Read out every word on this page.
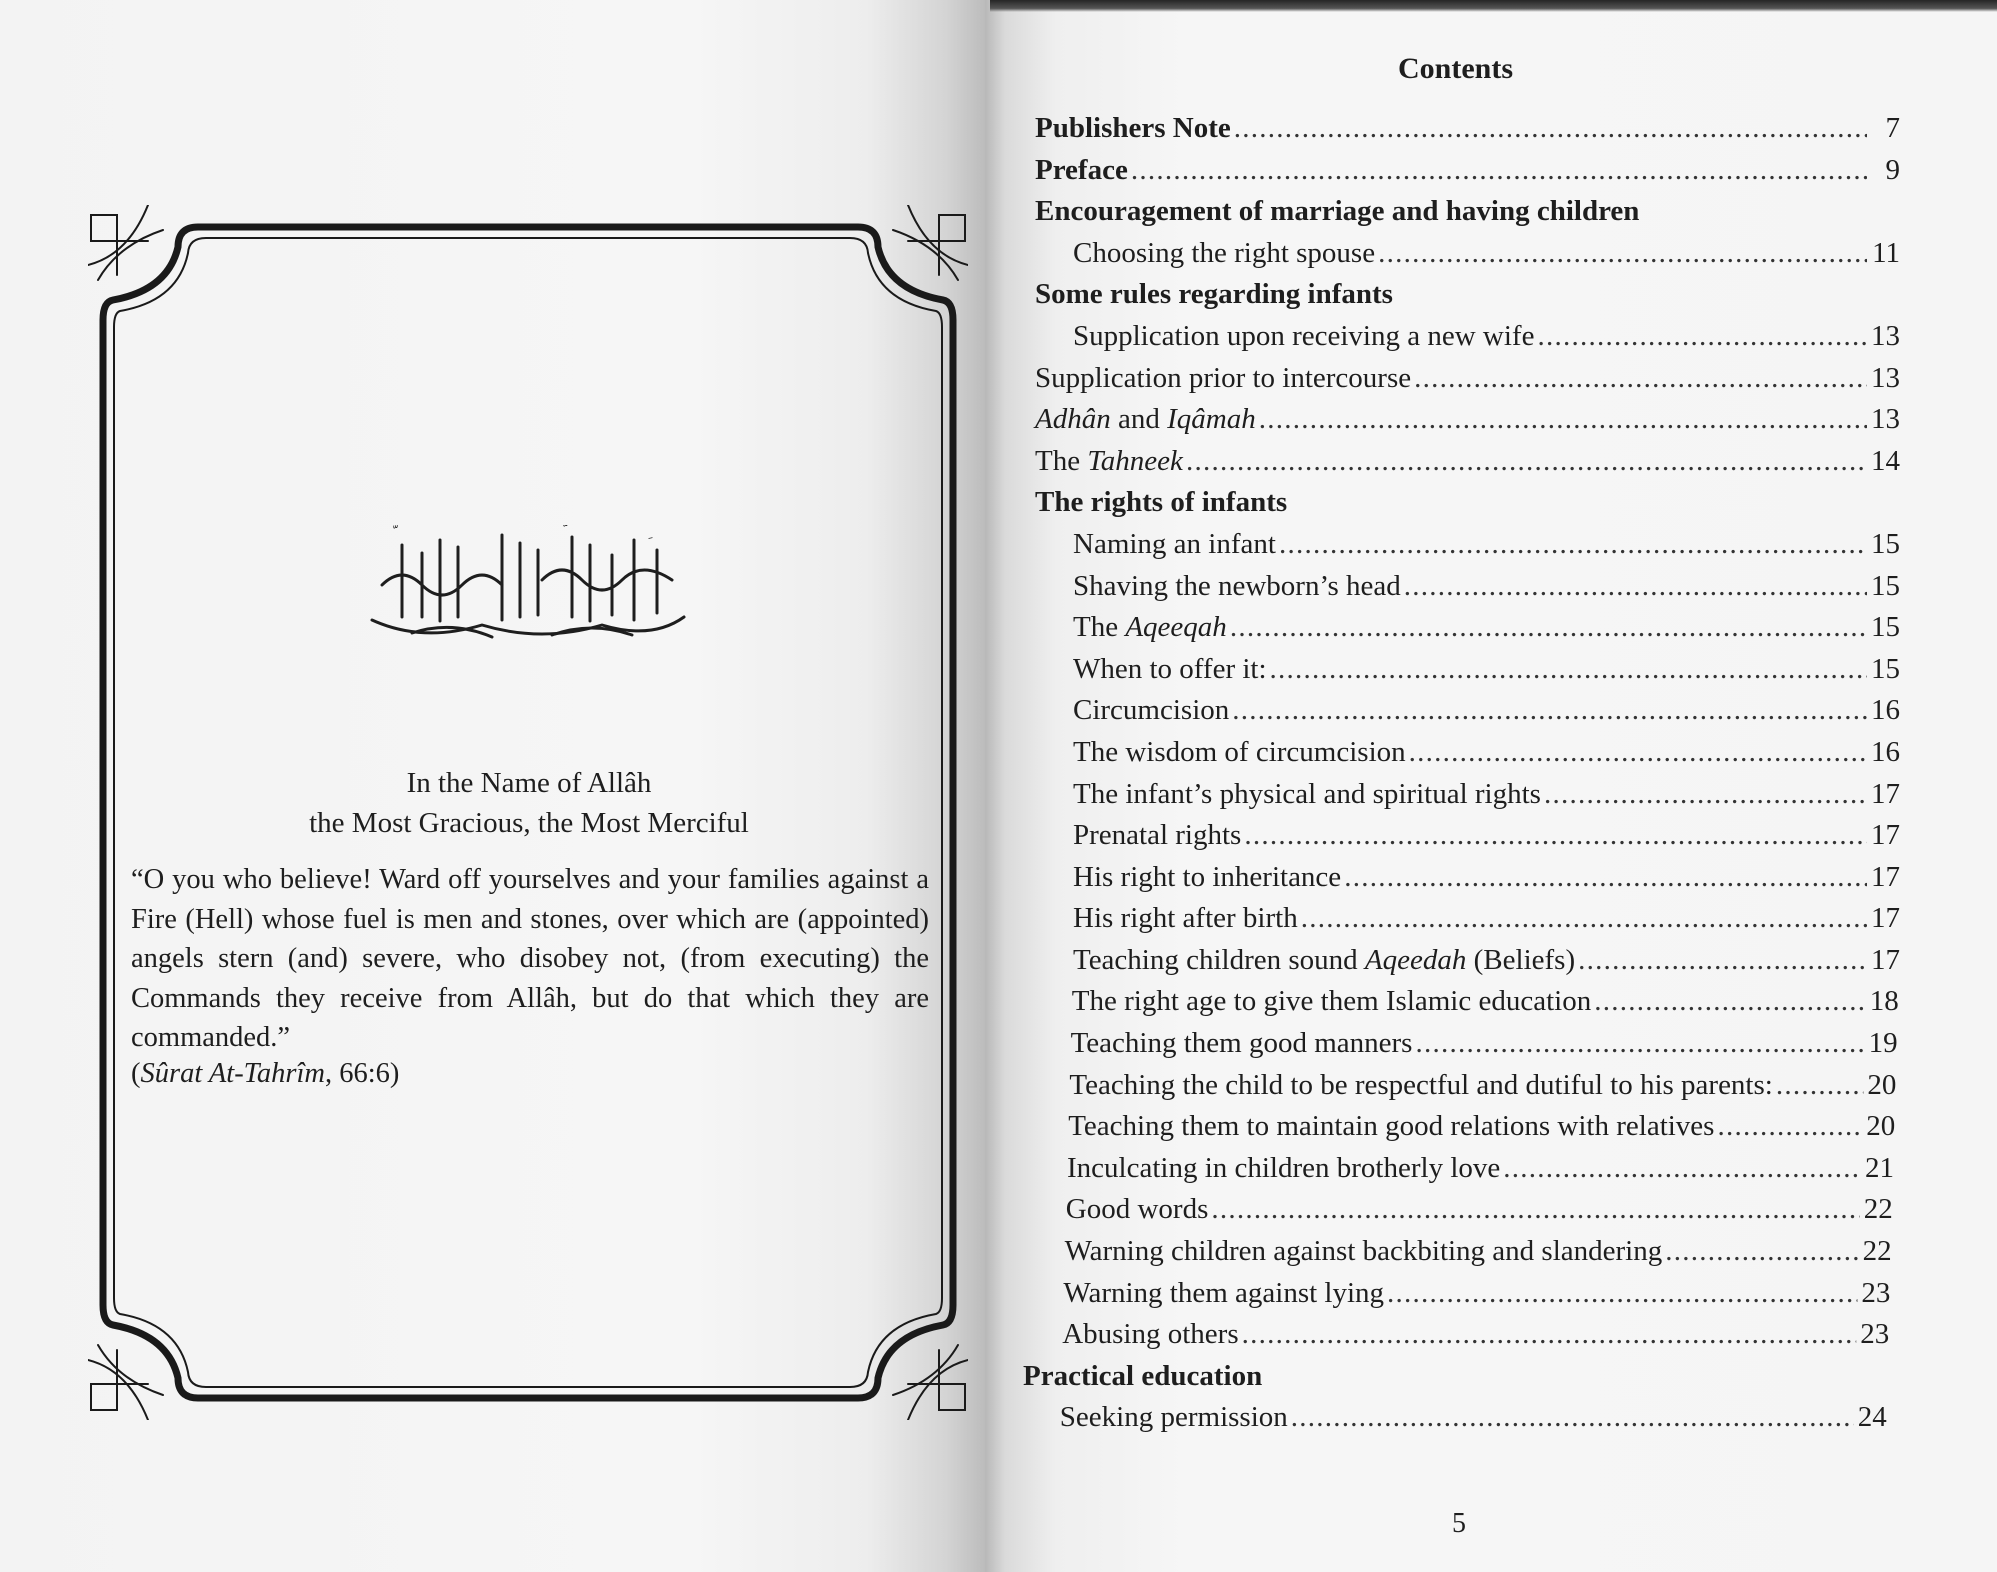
In the Name of Allâh
the Most Gracious, the Most Merciful
“O you who believe! Ward off yourselves and your families against a Fire (Hell) whose fuel is men and stones, over which are (appointed) angels stern (and) severe, who disobey not, (from executing) the Commands they receive from Allâh, but do that which they are commanded.”
(Sûrat At-Tahrîm, 66:6)
Contents
Publishers Note . . .	7
Preface . . .	9
Encouragement of marriage and having children
Choosing the right spouse . . .	11
Some rules regarding infants
Supplication upon receiving a new wife . . .	13
Supplication prior to intercourse . . .	13
Adhân and Iqâmah . . .	13
The Tahneek . . .	14
The rights of infants
Naming an infant . . .	15
Shaving the newborn’s head . . .	15
The Aqeeqah . . .	15
When to offer it: . . .	15
Circumcision . . .	16
The wisdom of circumcision . . .	16
The infant’s physical and spiritual rights . . .	17
Prenatal rights . . .	17
His right to inheritance . . .	17
His right after birth . . .	17
Teaching children sound Aqeedah (Beliefs) . . .	17
The right age to give them Islamic education . . .	18
Teaching them good manners . . .	19
Teaching the child to be respectful and dutiful to his parents: . . .	20
Teaching them to maintain good relations with relatives . . .	20
Inculcating in children brotherly love . . .	21
Good words . . .	22
Warning children against backbiting and slandering . . .	22
Warning them against lying . . .	23
Abusing others . . .	23
Practical education
Seeking permission . . .	24
5
